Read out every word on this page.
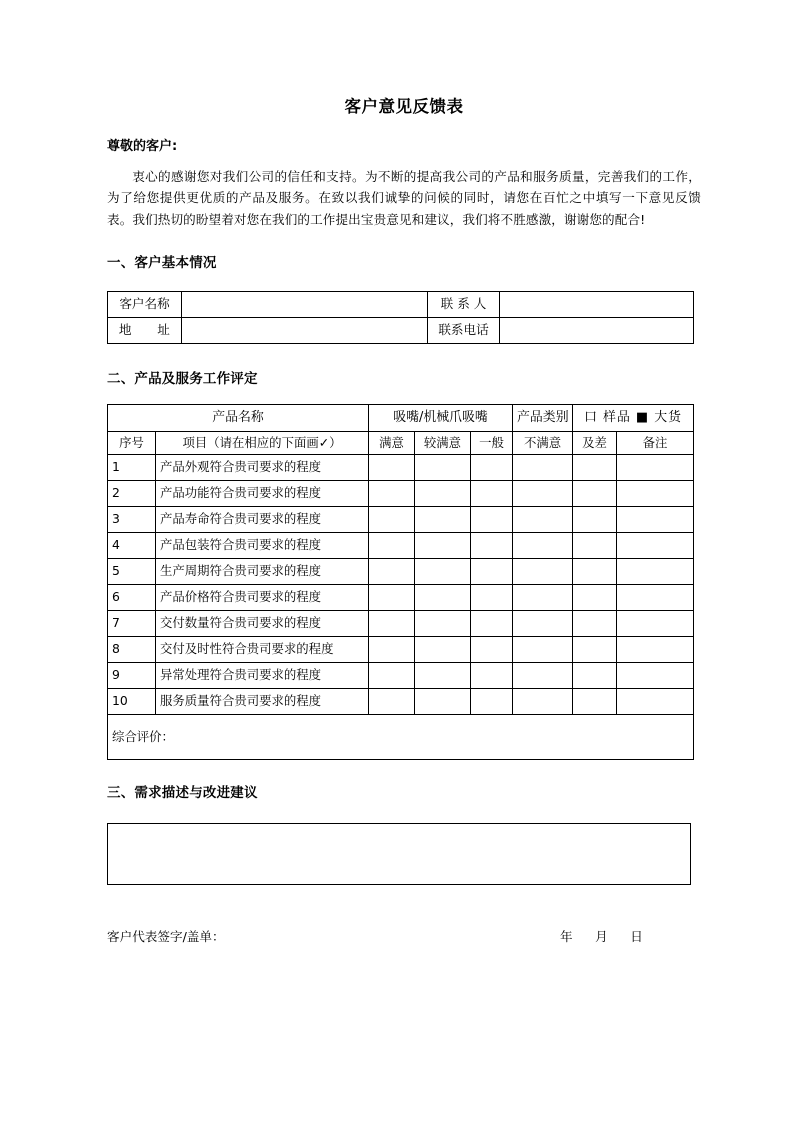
客户意见反馈表
尊敬的客户:
衷心的感谢您对我们公司的信任和支持。为不断的提高我公司的产品和服务质量，完善我们的工作，为了给您提供更优质的产品及服务。在致以我们诚挚的问候的同时，请您在百忙之中填写一下意见反馈表。我们热切的盼望着对您在我们的工作提出宝贵意见和建议，我们将不胜感激，谢谢您的配合!
一、客户基本情况
客户名称		联 系 人	
地　　址		联系电话	
二、产品及服务工作评定
产品名称		吸嘴/机械爪吸嘴			产品类别	口 样品 ■ 大货	
序号	项目（请在相应的下面画✓）	满意	较满意	一般	不满意	及差	备注
1	产品外观符合贵司要求的程度						
2	产品功能符合贵司要求的程度						
3	产品寿命符合贵司要求的程度						
4	产品包装符合贵司要求的程度						
5	生产周期符合贵司要求的程度						
6	产品价格符合贵司要求的程度						
7	交付数量符合贵司要求的程度						
8	交付及时性符合贵司要求的程度						
9	异常处理符合贵司要求的程度						
10	服务质量符合贵司要求的程度						
综合评价：							
三、需求描述与改进建议
客户代表签字/盖单：	年 月 日
